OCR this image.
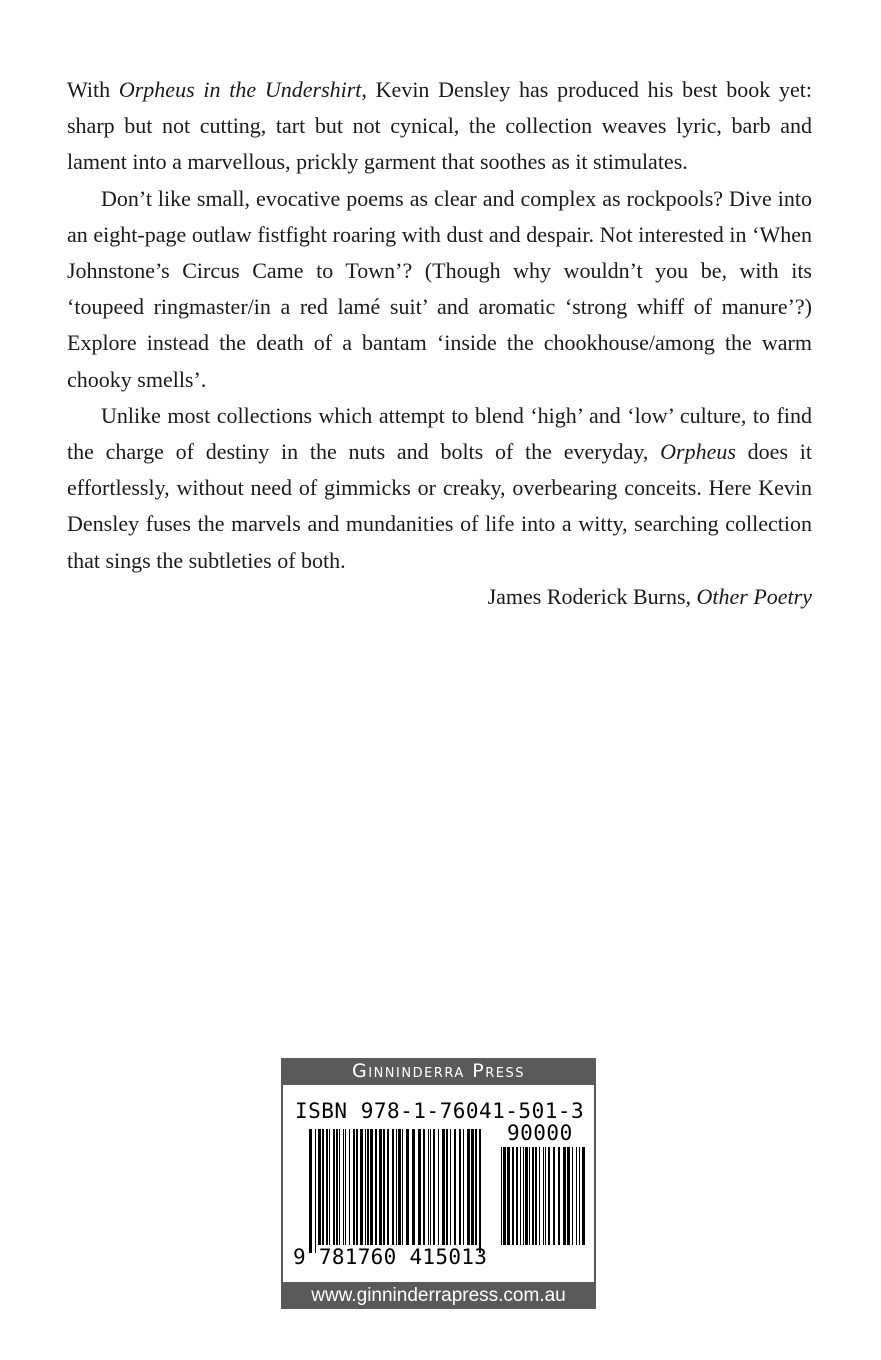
With Orpheus in the Undershirt, Kevin Densley has produced his best book yet: sharp but not cutting, tart but not cynical, the collection weaves lyric, barb and lament into a marvellous, prickly garment that soothes as it stimulates.

Don’t like small, evocative poems as clear and complex as rockpools? Dive into an eight-page outlaw fistfight roaring with dust and despair. Not interested in ‘When Johnstone’s Circus Came to Town’? (Though why wouldn’t you be, with its ‘toupeed ringmaster/in a red lamé suit’ and aromatic ‘strong whiff of manure’?) Explore instead the death of a bantam ‘inside the chookhouse/among the warm chooky smells’.

Unlike most collections which attempt to blend ‘high’ and ‘low’ culture, to find the charge of destiny in the nuts and bolts of the everyday, Orpheus does it effortlessly, without need of gimmicks or creaky, overbearing conceits. Here Kevin Densley fuses the marvels and mundanities of life into a witty, searching collection that sings the subtleties of both.

James Roderick Burns, Other Poetry

Ginninderra Press
ISBN 978-1-76041-501-3
90000
9 781760 415013
www.ginninderrapress.com.au
